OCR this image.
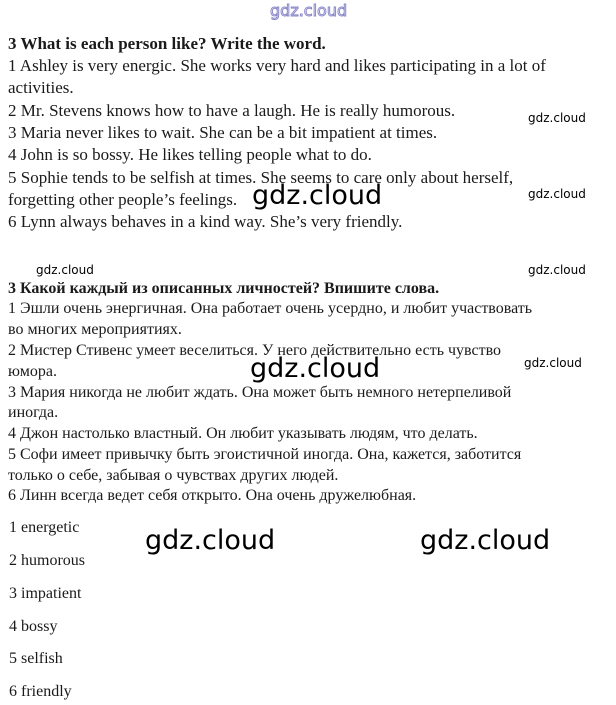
gdz.cloud
3 What is each person like? Write the word.
1 Ashley is very energic. She works very hard and likes participating in a lot of
activities.
2 Mr. Stevens knows how to have a laugh. He is really humorous.
3 Maria never likes to wait. She can be a bit impatient at times.
4 John is so bossy. He likes telling people what to do.
5 Sophie tends to be selfish at times. She seems to care only about herself,
forgetting other people’s feelings.
6 Lynn always behaves in a kind way. She’s very friendly.
3 Какой каждый из описанных личностей? Впишите слова.
1 Эшли очень энергичная. Она работает очень усердно, и любит участвовать
во многих мероприятиях.
2 Мистер Стивенс умеет веселиться. У него действительно есть чувство
юмора.
3 Мария никогда не любит ждать. Она может быть немного нетерпеливой
иногда.
4 Джон настолько властный. Он любит указывать людям, что делать.
5 Софи имеет привычку быть эгоистичной иногда. Она, кажется, заботится
только о себе, забывая о чувствах других людей.
6 Линн всегда ведет себя открыто. Она очень дружелюбная.
1 energetic
2 humorous
3 impatient
4 bossy
5 selfish
6 friendly
gdz.cloud
gdz.cloud
gdz.cloud
gdz.cloud	gdz.cloud
gdz.cloud
gdz.cloud
gdz.cloud	gdz.cloud
